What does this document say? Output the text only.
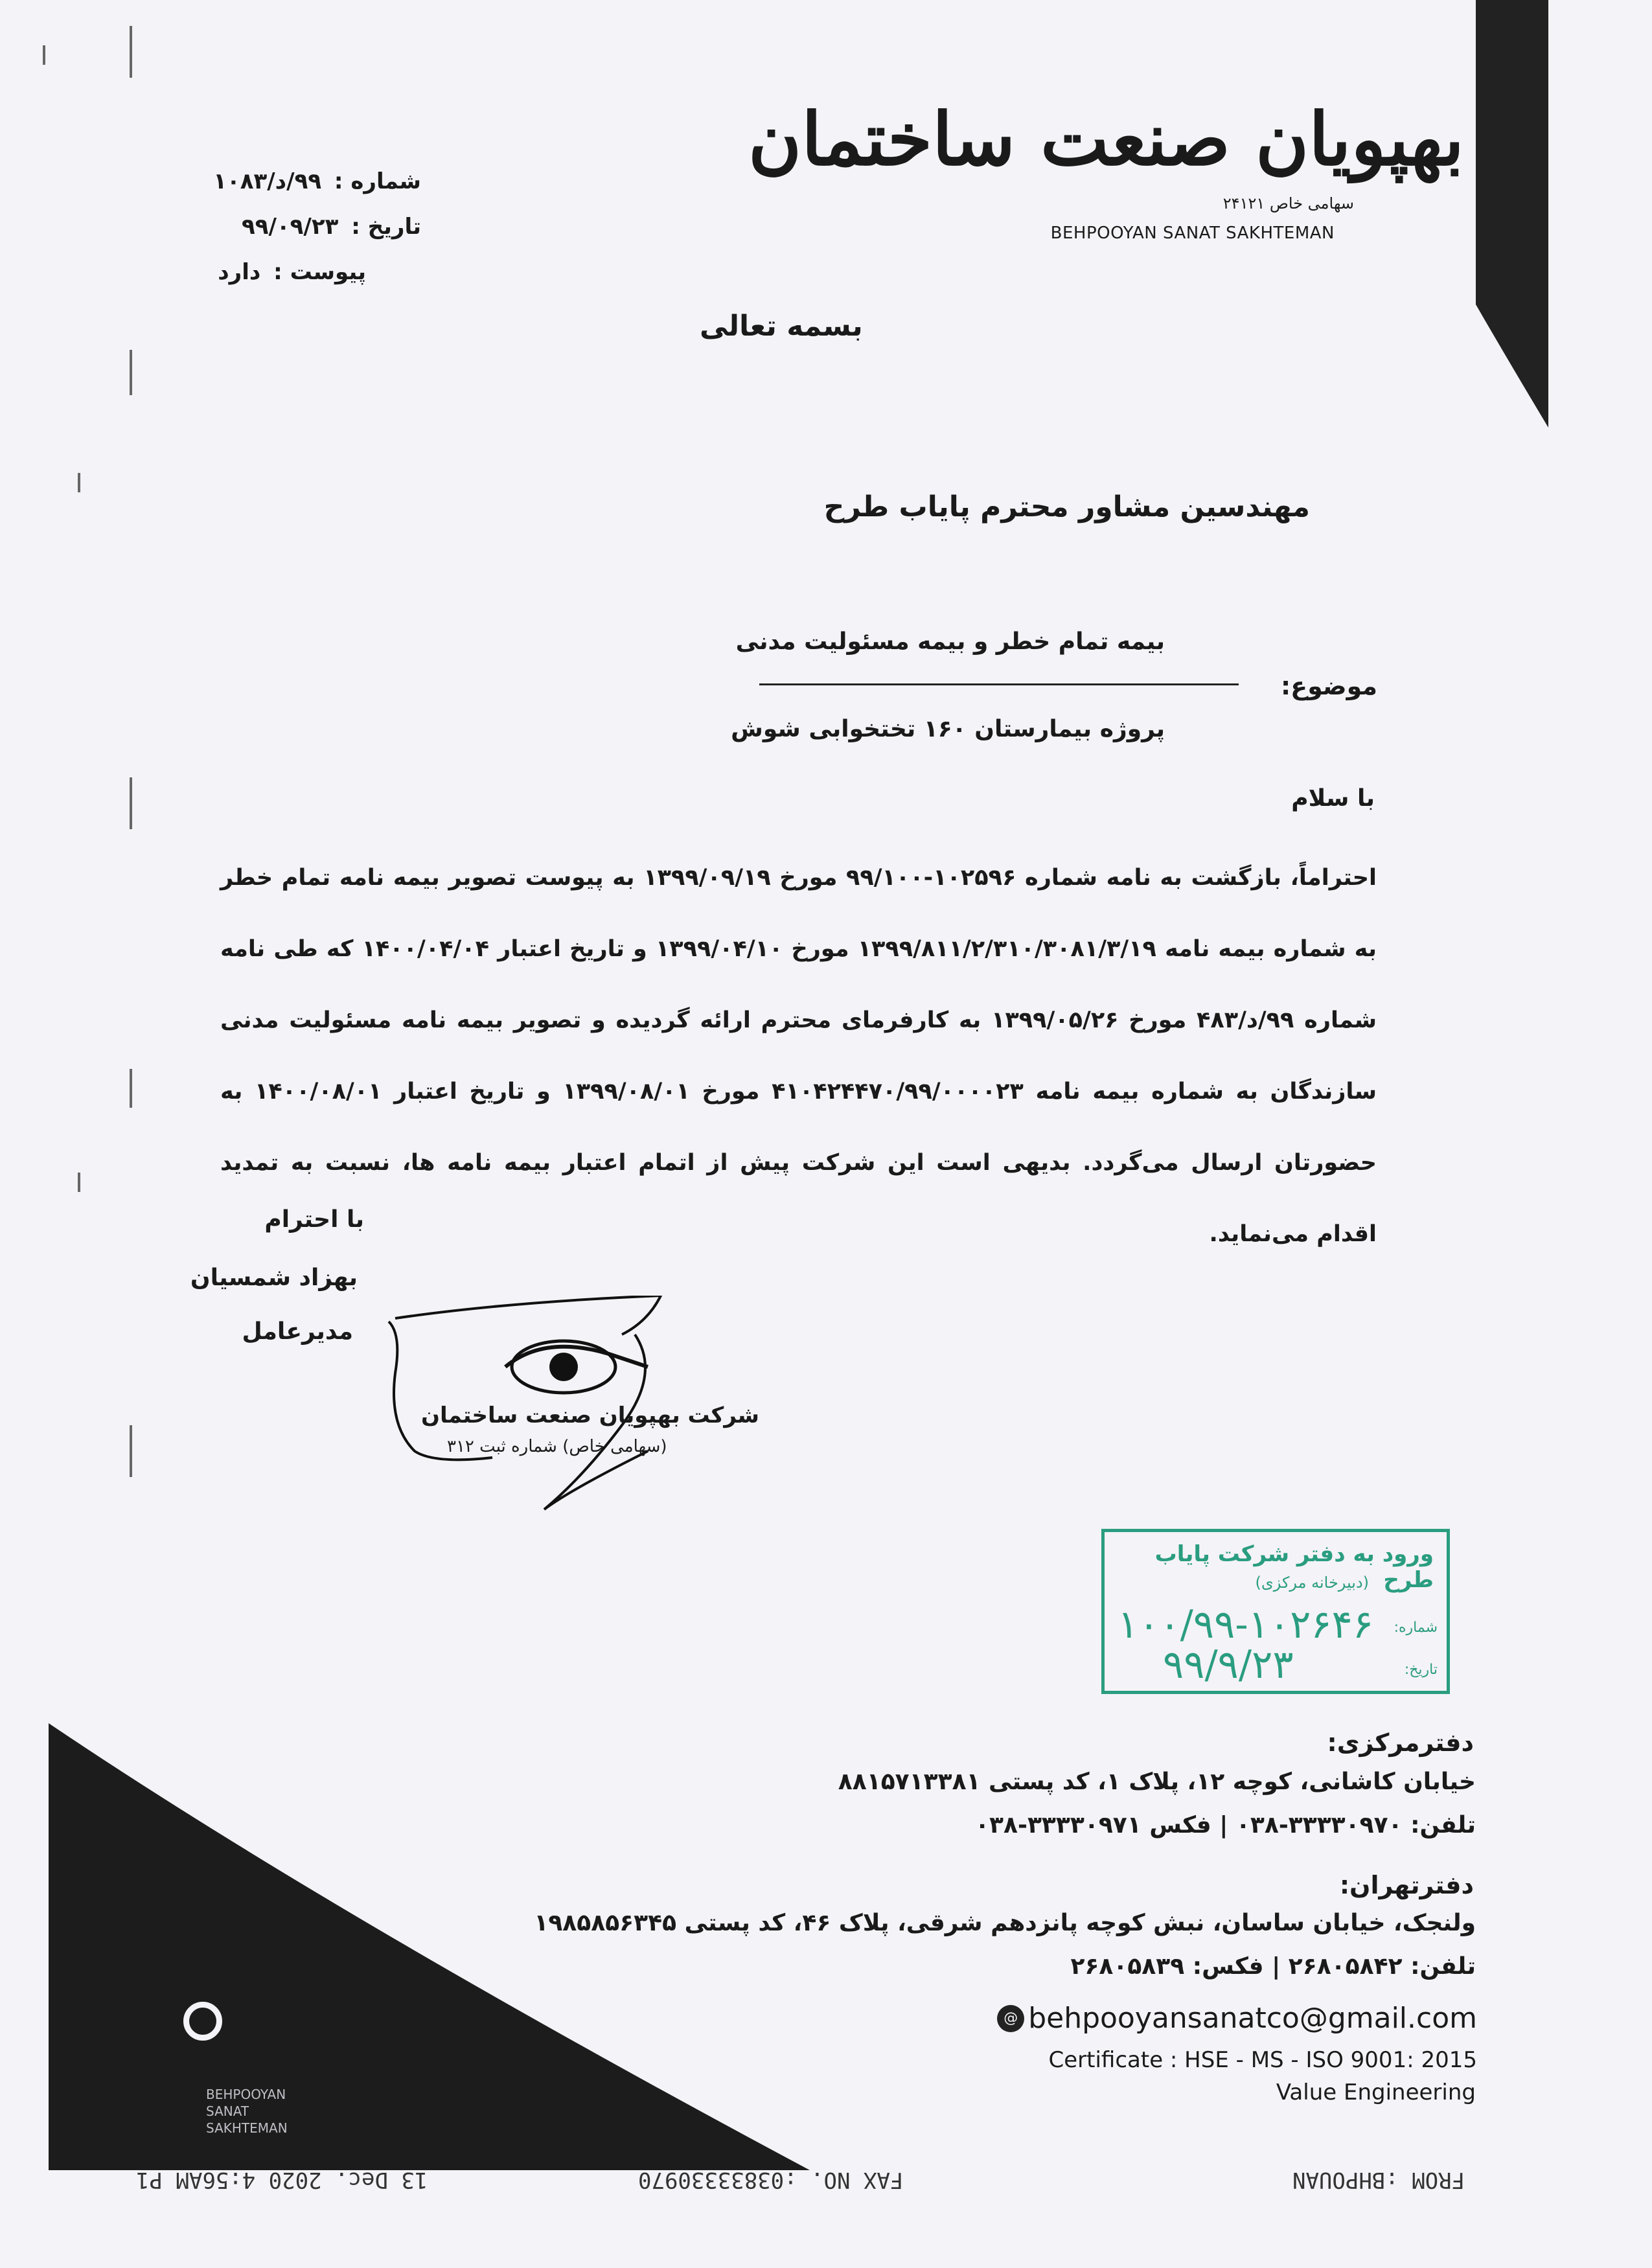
بهپویان صنعت ساختمان
سهامی خاص ۲۴۱۲۱
BEHPOOYAN SANAT SAKHTEMAN
شماره : ۹۹/د/۱۰۸۳
تاریخ : ۹۹/۰۹/۲۳
پیوست : دارد
بسمه تعالی
مهندسین مشاور محترم پایاب طرح
موضوع:
بیمه تمام خطر و بیمه مسئولیت مدنی
پروژه بیمارستان ۱۶۰ تختخوابی شوش
با سلام
احتراماً، بازگشت به نامه شماره ۱۰۲۵۹۶-۹۹/۱۰۰ مورخ ۱۳۹۹/۰۹/۱۹ به پیوست تصویر بیمه نامه تمام خطر به شماره بیمه نامه ۱۳۹۹/۸۱۱/۲/۳۱۰/۳۰۸۱/۳/۱۹ مورخ ۱۳۹۹/۰۴/۱۰ و تاریخ اعتبار ۱۴۰۰/۰۴/۰۴ که طی نامه شماره ۹۹/د/۴۸۳ مورخ ۱۳۹۹/۰۵/۲۶ به کارفرمای محترم ارائه گردیده و تصویر بیمه نامه مسئولیت مدنی سازندگان به شماره بیمه نامه ۴۱۰۴۲۴۴۷۰/۹۹/۰۰۰۰۲۳ مورخ ۱۳۹۹/۰۸/۰۱ و تاریخ اعتبار ۱۴۰۰/۰۸/۰۱ به حضورتان ارسال می‌گردد. بدیهی است این شرکت پیش از اتمام اعتبار بیمه نامه ها، نسبت به تمدید اقدام می‌نماید.
با احترام
بهزاد شمسیان
مدیرعامل
شرکت بهپویان صنعت ساختمان
(سهامی خاص) شماره ثبت ۳۱۲
ورود به دفتر شرکت پایاب طرح
(دبیرخانه مرکزی)
شماره:
۱۰۰/۹۹-۱۰۲۶۴۶
تاریخ:
۹۹/۹/۲۳
BEHPOOYAN
SANAT
SAKHTEMAN
دفترمرکزی:
خیابان کاشانی، کوچه ۱۲، پلاک ۱، کد پستی ۸۸۱۵۷۱۳۳۸۱
تلفن: ۳۳۳۳۰۹۷۰-۰۳۸ | فکس ۳۳۳۳۰۹۷۱-۰۳۸
دفترتهران:
ولنجک، خیابان ساسان، نبش کوچه پانزدهم شرقی، پلاک ۴۶، کد پستی ۱۹۸۵۸۵۶۳۴۵
تلفن: ۲۶۸۰۵۸۴۲ | فکس: ۲۶۸۰۵۸۳۹
@ behpooyansanatco@gmail.com
Certificate : HSE - MS - ISO 9001: 2015
Value Engineering
FROM :BHPOUAN
FAX NO. :03833330970
13 Dec. 2020 4:56AM P1
